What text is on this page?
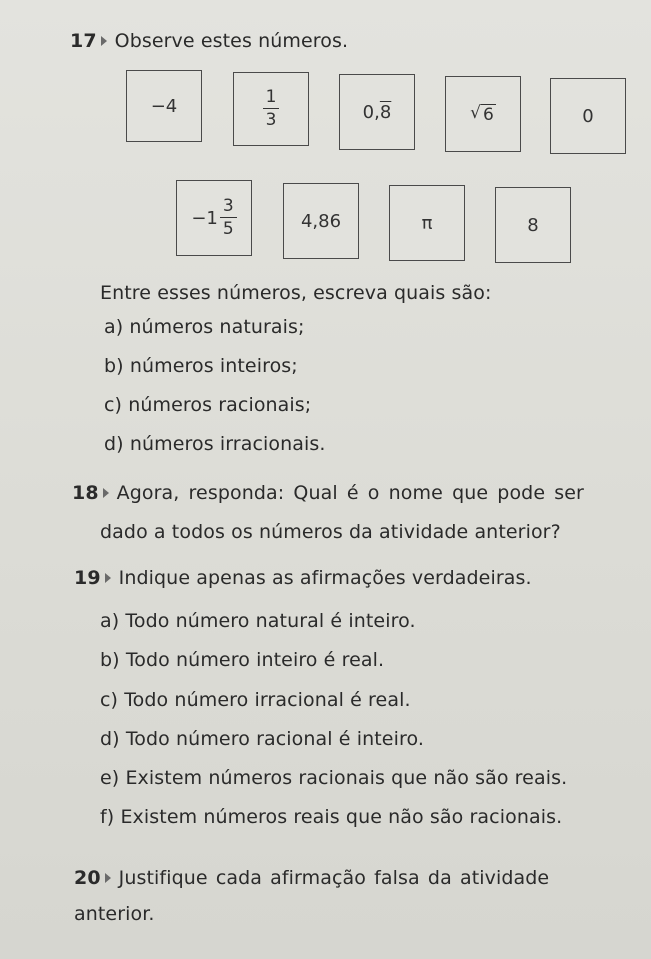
17 Observe estes números.
−4	$\frac{1}{3}$	0,8	√ 6	0
$-1 \frac{3}{5}$	4,86	π	8
Entre esses números, escreva quais são:
a) números naturais;
b) números inteiros;
c) números racionais;
d) números irracionais.
18 Agora, responda: Qual é o nome que pode ser
dado a todos os números da atividade anterior?
19 Indique apenas as afirmações verdadeiras.
a) Todo número natural é inteiro.
b) Todo número inteiro é real.
c) Todo número irracional é real.
d) Todo número racional é inteiro.
e) Existem números racionais que não são reais.
f) Existem números reais que não são racionais.
20 Justifique cada afirmação falsa da atividade
anterior.
